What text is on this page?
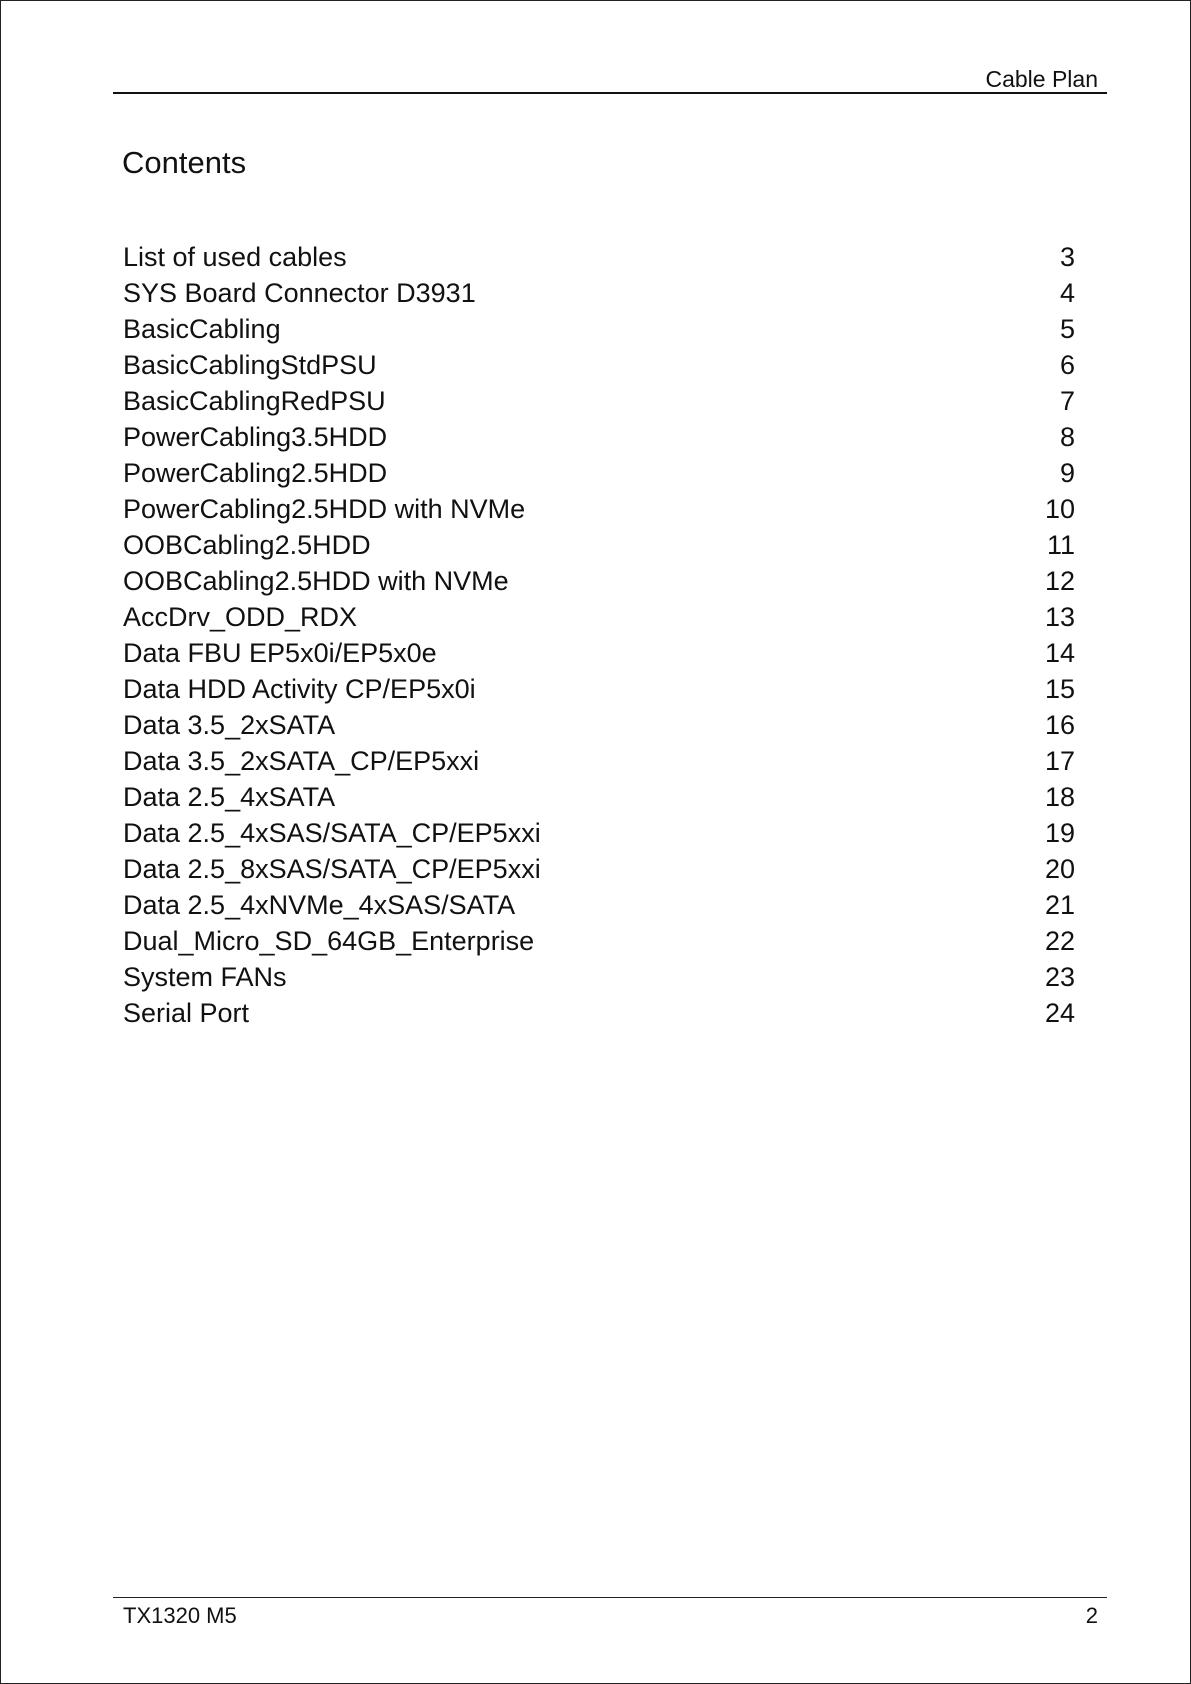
Cable Plan
Contents
List of used cables	3
SYS Board Connector D3931	4
BasicCabling	5
BasicCablingStdPSU	6
BasicCablingRedPSU	7
PowerCabling3.5HDD	8
PowerCabling2.5HDD	9
PowerCabling2.5HDD with NVMe	10
OOBCabling2.5HDD	11
OOBCabling2.5HDD with NVMe	12
AccDrv_ODD_RDX	13
Data FBU EP5x0i/EP5x0e	14
Data HDD Activity CP/EP5x0i	15
Data 3.5_2xSATA	16
Data 3.5_2xSATA_CP/EP5xxi	17
Data 2.5_4xSATA	18
Data 2.5_4xSAS/SATA_CP/EP5xxi	19
Data 2.5_8xSAS/SATA_CP/EP5xxi	20
Data 2.5_4xNVMe_4xSAS/SATA	21
Dual_Micro_SD_64GB_Enterprise	22
System FANs	23
Serial Port	24
TX1320 M5	2
